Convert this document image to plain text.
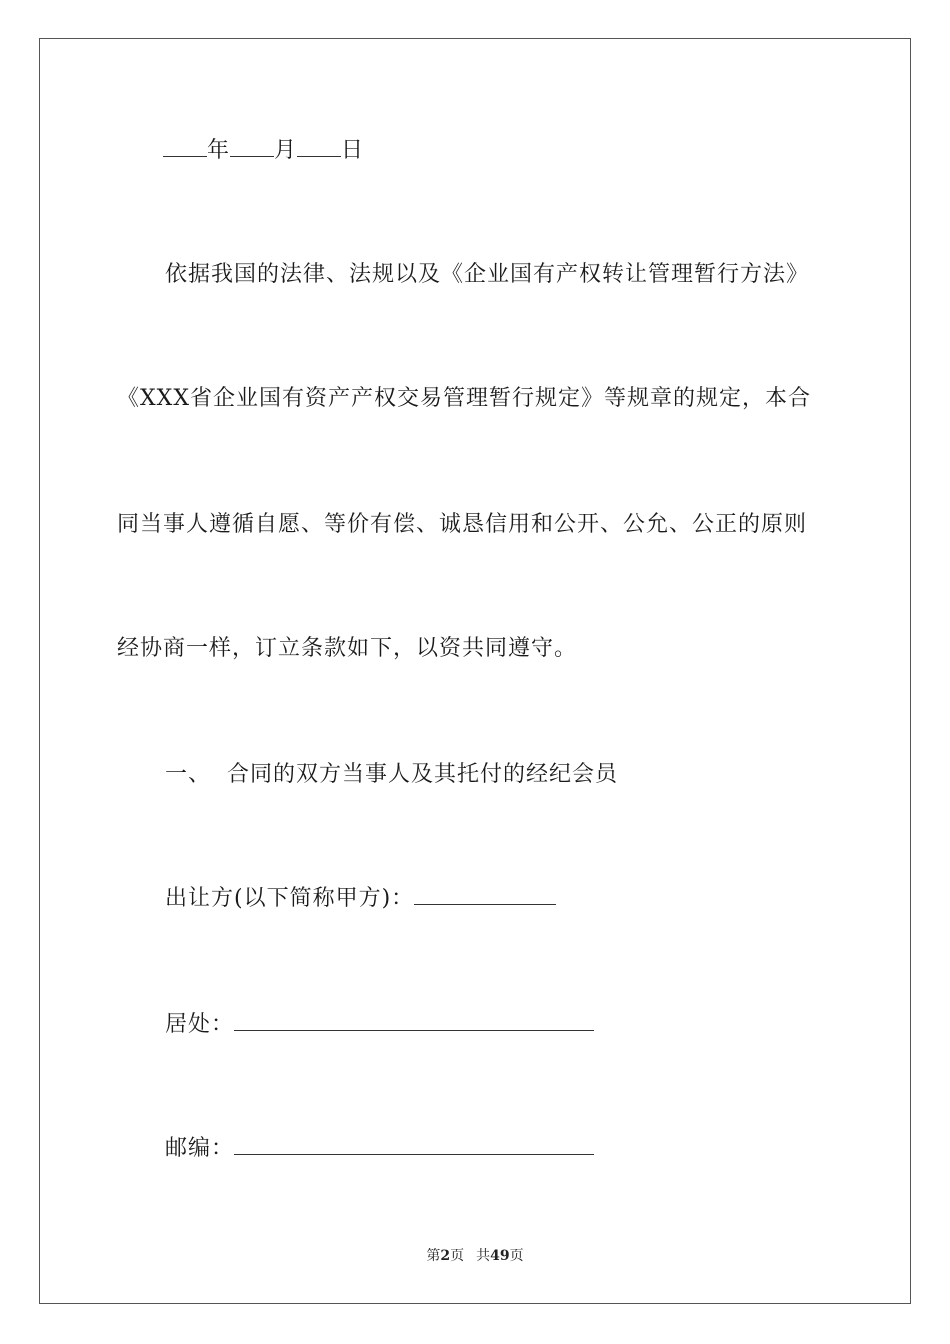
年 月 日
依据我国的法律、法规以及《企业国有产权转让管理暂行方法》
《XXX省企业国有资产产权交易管理暂行规定》等规章的规定，本合
同当事人遵循自愿、等价有偿、诚恳信用和公开、公允、公正的原则
经协商一样，订立条款如下，以资共同遵守。
一、 合同的双方当事人及其托付的经纪会员
出让方(以下简称甲方)：
居处：
邮编：
第2页 共49页
